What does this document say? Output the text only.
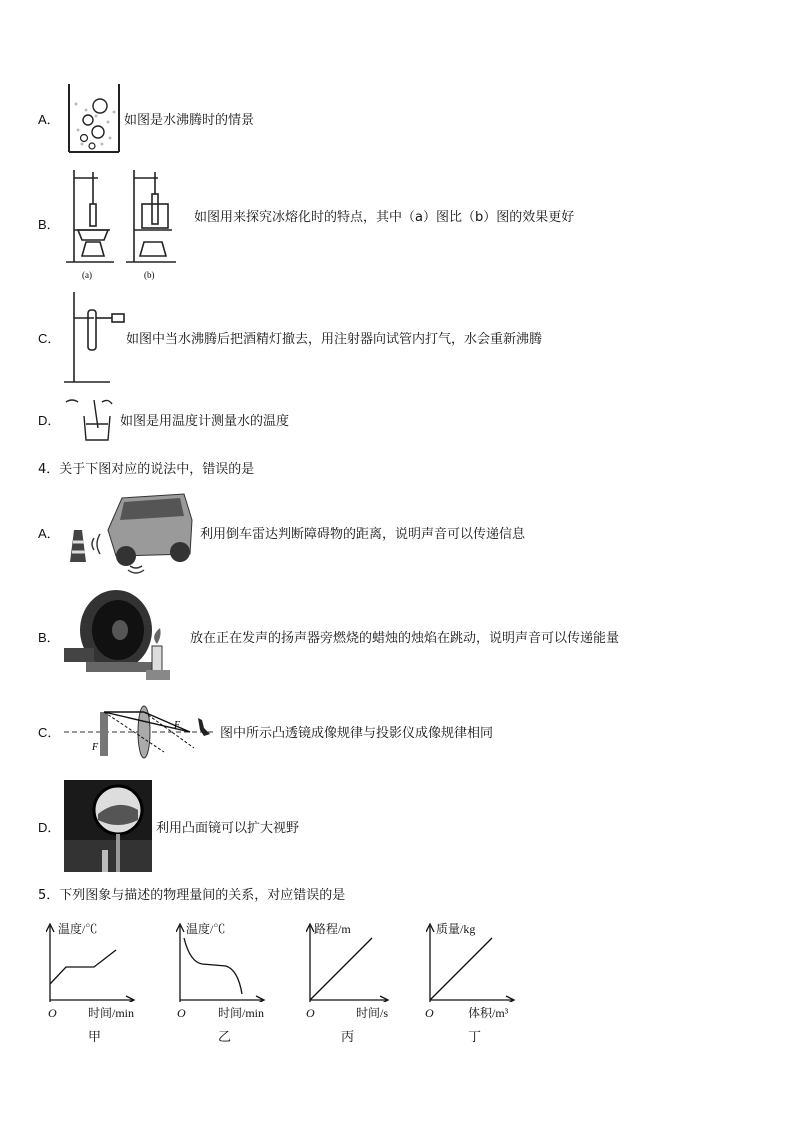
A．	如图是水沸腾时的情景
B．
(a)	(b)
如图用来探究冰熔化时的特点，其中（a）图比（b）图的效果更好
C．	如图中当水沸腾后把酒精灯撤去，用注射器向试管内打气，水会重新沸腾
D．	如图是用温度计测量水的温度
4．关于下图对应的说法中，错误的是
A．	利用倒车雷达判断障碍物的距离，说明声音可以传递信息
B．	放在正在发声的扬声器旁燃烧的蜡烛的烛焰在跳动，说明声音可以传递能量
C．
F
F	图中所示凸透镜成像规律与投影仪成像规律相同
D．	利用凸面镜可以扩大视野
5．下列图象与描述的物理量间的关系，对应错误的是
温度/℃
时间/min
O
甲
温度/℃
时间/min
O
乙
路程/m
时间/s
O
丙
质量/kg
体积/m³
O
丁
